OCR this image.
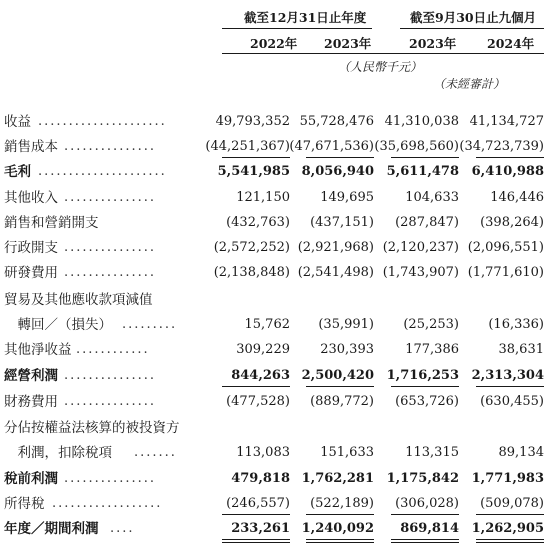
截至12月31日止年度	截至9月30日止九個月
2022年 2023年	2023年 2024年
（人民幣千元）
（未經審計）
收益 .....................	49,793,352 55,728,476 41,310,038 41,134,727
銷售成本 ...............	(44,251,367) (47,671,536) (35,698,560) (34,723,739)
毛利 .....................	5,541,985 8,056,940 5,611,478 6,410,988
其他收入 ...............	121,150	149,695	104,633	146,446
銷售和營銷開支	(432,763)	(437,151)	(287,847)	(398,264)
行政開支 ...............	(2,572,252) (2,921,968) (2,120,237) (2,096,551)
研發費用 ...............	(2,138,848) (2,541,498) (1,743,907) (1,771,610)
貿易及其他應收款項減值
　轉回／（損失） .........	15,762	(35,991)	(25,253)	(16,336)
其他淨收益 ............	309,229	230,393	177,386	38,631
經營利潤 ...............	844,263 2,500,420 1,716,253 2,313,304
財務費用 ...............	(477,528)	(889,772)	(653,726)	(630,455)
分佔按權益法核算的被投資方
　利潤，扣除稅項 .......	113,083	151,633	113,315	89,134
稅前利潤 ...............	479,818 1,762,281 1,175,842 1,771,983
所得稅 ..................	(246,557)	(522,189)	(306,028)	(509,078)
年度／期間利潤 ....	233,261 1,240,092	869,814 1,262,905
